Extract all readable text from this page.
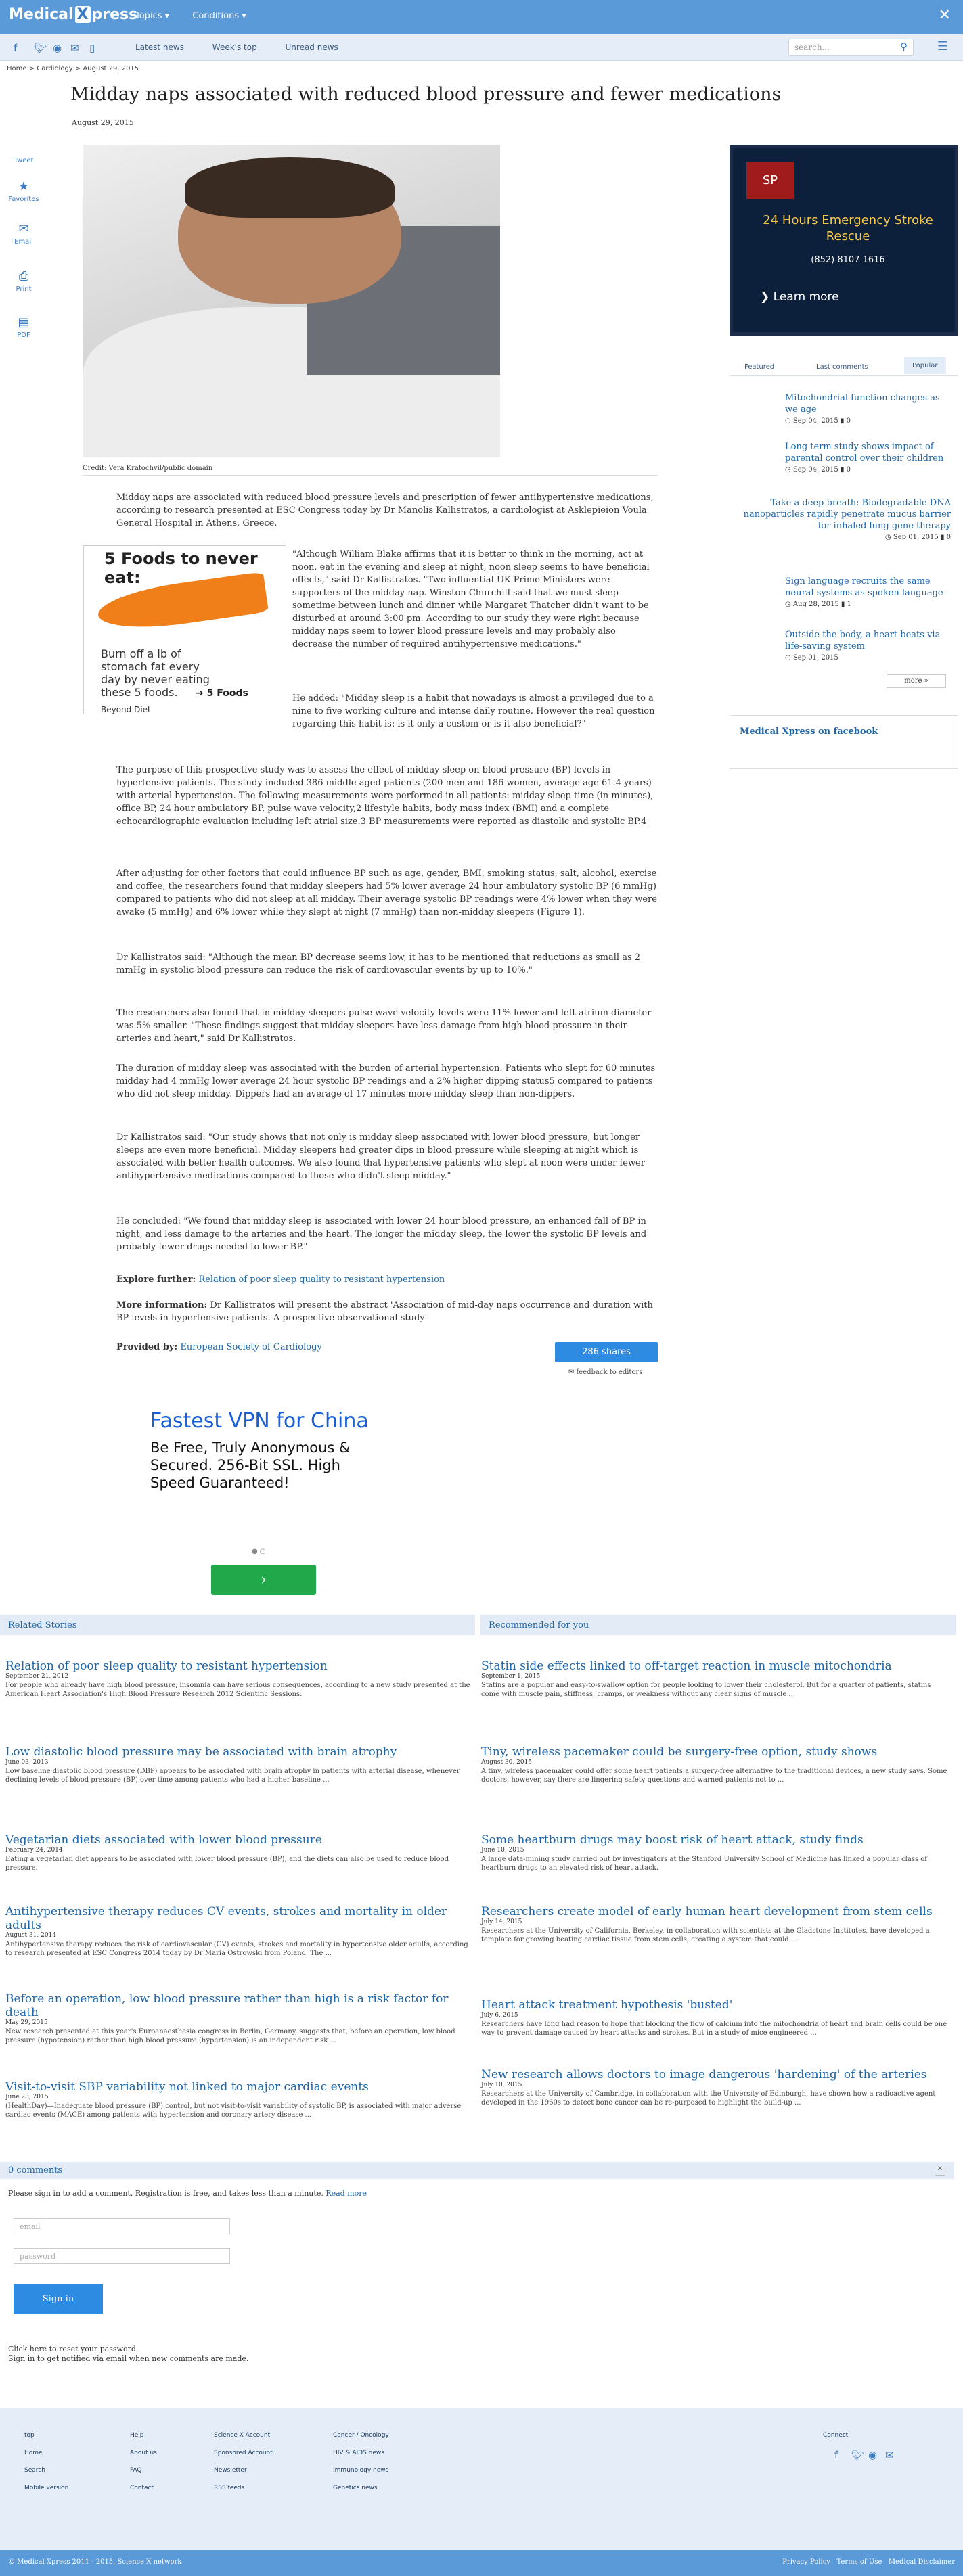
Medical X press
Topics ▾	Conditions ▾	✕
f 🐦︎ ◉ ✉ ▯	Latest news	Week's top	Unread news	search...	⚲ ☰
Home > Cardiology > August 29, 2015
Midday naps associated with reduced blood pressure and fewer medications
August 29, 2015
Tweet
★
Favorites
✉
Email
⎙
Print
▤
PDF
Credit: Vera Kratochvil/public domain
Midday naps are associated with reduced blood pressure levels and prescription of fewer antihypertensive medications, according to research presented at ESC Congress today by Dr Manolis Kallistratos, a cardiologist at Asklepieion Voula General Hospital in Athens, Greece.
5 Foods to never eat:
Burn off a lb of stomach fat every day by never eating these 5 foods.	➔ 5 Foods
Beyond Diet
"Although William Blake affirms that it is better to think in the morning, act at noon, eat in the evening and sleep at night, noon sleep seems to have beneficial effects," said Dr Kallistratos. "Two influential UK Prime Ministers were supporters of the midday nap. Winston Churchill said that we must sleep sometime between lunch and dinner while Margaret Thatcher didn't want to be disturbed at around 3:00 pm. According to our study they were right because midday naps seem to lower blood pressure levels and may probably also decrease the number of required antihypertensive medications."
He added: "Midday sleep is a habit that nowadays is almost a privileged due to a nine to five working culture and intense daily routine. However the real question regarding this habit is: is it only a custom or is it also beneficial?"
The purpose of this prospective study was to assess the effect of midday sleep on blood pressure (BP) levels in hypertensive patients. The study included 386 middle aged patients (200 men and 186 women, average age 61.4 years) with arterial hypertension. The following measurements were performed in all patients: midday sleep time (in minutes), office BP, 24 hour ambulatory BP, pulse wave velocity,2 lifestyle habits, body mass index (BMI) and a complete echocardiographic evaluation including left atrial size.3 BP measurements were reported as diastolic and systolic BP.4
After adjusting for other factors that could influence BP such as age, gender, BMI, smoking status, salt, alcohol, exercise and coffee, the researchers found that midday sleepers had 5% lower average 24 hour ambulatory systolic BP (6 mmHg) compared to patients who did not sleep at all midday. Their average systolic BP readings were 4% lower when they were awake (5 mmHg) and 6% lower while they slept at night (7 mmHg) than non-midday sleepers (Figure 1).
Dr Kallistratos said: "Although the mean BP decrease seems low, it has to be mentioned that reductions as small as 2 mmHg in systolic blood pressure can reduce the risk of cardiovascular events by up to 10%."
The researchers also found that in midday sleepers pulse wave velocity levels were 11% lower and left atrium diameter was 5% smaller. "These findings suggest that midday sleepers have less damage from high blood pressure in their arteries and heart," said Dr Kallistratos.
The duration of midday sleep was associated with the burden of arterial hypertension. Patients who slept for 60 minutes midday had 4 mmHg lower average 24 hour systolic BP readings and a 2% higher dipping status5 compared to patients who did not sleep midday. Dippers had an average of 17 minutes more midday sleep than non-dippers.
Dr Kallistratos said: "Our study shows that not only is midday sleep associated with lower blood pressure, but longer sleeps are even more beneficial. Midday sleepers had greater dips in blood pressure while sleeping at night which is associated with better health outcomes. We also found that hypertensive patients who slept at noon were under fewer antihypertensive medications compared to those who didn't sleep midday."
He concluded: "We found that midday sleep is associated with lower 24 hour blood pressure, an enhanced fall of BP in night, and less damage to the arteries and the heart. The longer the midday sleep, the lower the systolic BP levels and probably fewer drugs needed to lower BP."
Explore further: Relation of poor sleep quality to resistant hypertension
More information: Dr Kallistratos will present the abstract 'Association of mid-day naps occurrence and duration with BP levels in hypertensive patients. A prospective observational study'
Provided by: European Society of Cardiology	286 shares
✉ feedback to editors
Fastest VPN for China
Be Free, Truly Anonymous & Secured. 256-Bit SSL. High Speed Guaranteed!
● ○
›
SP
24 Hours Emergency Stroke Rescue
(852) 8107 1616
❯ Learn more
Featured	Last comments	Popular
Mitochondrial function changes as we age
◷ Sep 04, 2015 ▮ 0
Long term study shows impact of parental control over their children
◷ Sep 04, 2015 ▮ 0
Take a deep breath: Biodegradable DNA nanoparticles rapidly penetrate mucus barrier for inhaled lung gene therapy
◷ Sep 01, 2015 ▮ 0
Sign language recruits the same neural systems as spoken language
◷ Aug 28, 2015 ▮ 1
Outside the body, a heart beats via life-saving system
◷ Sep 01, 2015
more »
Medical Xpress on facebook
Related Stories	Recommended for you
Relation of poor sleep quality to resistant hypertension
September 21, 2012
For people who already have high blood pressure, insomnia can have serious consequences, according to a new study presented at the American Heart Association's High Blood Pressure Research 2012 Scientific Sessions.
Low diastolic blood pressure may be associated with brain atrophy
June 03, 2013
Low baseline diastolic blood pressure (DBP) appears to be associated with brain atrophy in patients with arterial disease, whenever declining levels of blood pressure (BP) over time among patients who had a higher baseline ...
Vegetarian diets associated with lower blood pressure
February 24, 2014
Eating a vegetarian diet appears to be associated with lower blood pressure (BP), and the diets can also be used to reduce blood pressure.
Antihypertensive therapy reduces CV events, strokes and mortality in older adults
August 31, 2014
Antihypertensive therapy reduces the risk of cardiovascular (CV) events, strokes and mortality in hypertensive older adults, according to research presented at ESC Congress 2014 today by Dr Maria Ostrowski from Poland. The ...
Before an operation, low blood pressure rather than high is a risk factor for death
May 29, 2015
New research presented at this year's Euroanaesthesia congress in Berlin, Germany, suggests that, before an operation, low blood pressure (hypotension) rather than high blood pressure (hypertension) is an independent risk ...
Visit-to-visit SBP variability not linked to major cardiac events
June 23, 2015
(HealthDay)—Inadequate blood pressure (BP) control, but not visit-to-visit variability of systolic BP, is associated with major adverse cardiac events (MACE) among patients with hypertension and coronary artery disease ...
Statin side effects linked to off-target reaction in muscle mitochondria
September 1, 2015
Statins are a popular and easy-to-swallow option for people looking to lower their cholesterol. But for a quarter of patients, statins come with muscle pain, stiffness, cramps, or weakness without any clear signs of muscle ...
Tiny, wireless pacemaker could be surgery-free option, study shows
August 30, 2015
A tiny, wireless pacemaker could offer some heart patients a surgery-free alternative to the traditional devices, a new study says. Some doctors, however, say there are lingering safety questions and warned patients not to ...
Some heartburn drugs may boost risk of heart attack, study finds
June 10, 2015
A large data-mining study carried out by investigators at the Stanford University School of Medicine has linked a popular class of heartburn drugs to an elevated risk of heart attack.
Researchers create model of early human heart development from stem cells
July 14, 2015
Researchers at the University of California, Berkeley, in collaboration with scientists at the Gladstone Institutes, have developed a template for growing beating cardiac tissue from stem cells, creating a system that could ...
Heart attack treatment hypothesis 'busted'
July 6, 2015
Researchers have long had reason to hope that blocking the flow of calcium into the mitochondria of heart and brain cells could be one way to prevent damage caused by heart attacks and strokes. But in a study of mice engineered ...
New research allows doctors to image dangerous 'hardening' of the arteries
July 10, 2015
Researchers at the University of Cambridge, in collaboration with the University of Edinburgh, have shown how a radioactive agent developed in the 1960s to detect bone cancer can be re-purposed to highlight the build-up ...
0 comments	✕
Please sign in to add a comment. Registration is free, and takes less than a minute. Read more
email
password
Sign in
Click here to reset your password.
Sign in to get notified via email when new comments are made.
top
Home
Search
Mobile version
Help
About us
FAQ
Contact
Science X Account
Sponsored Account
Newsletter
RSS feeds
Cancer / Oncology
HIV & AIDS news
Immunology news
Genetics news
Connect
f 🐦︎ ◉ ✉
© Medical Xpress 2011 - 2015, Science X network	Privacy Policy Terms of Use Medical Disclaimer
